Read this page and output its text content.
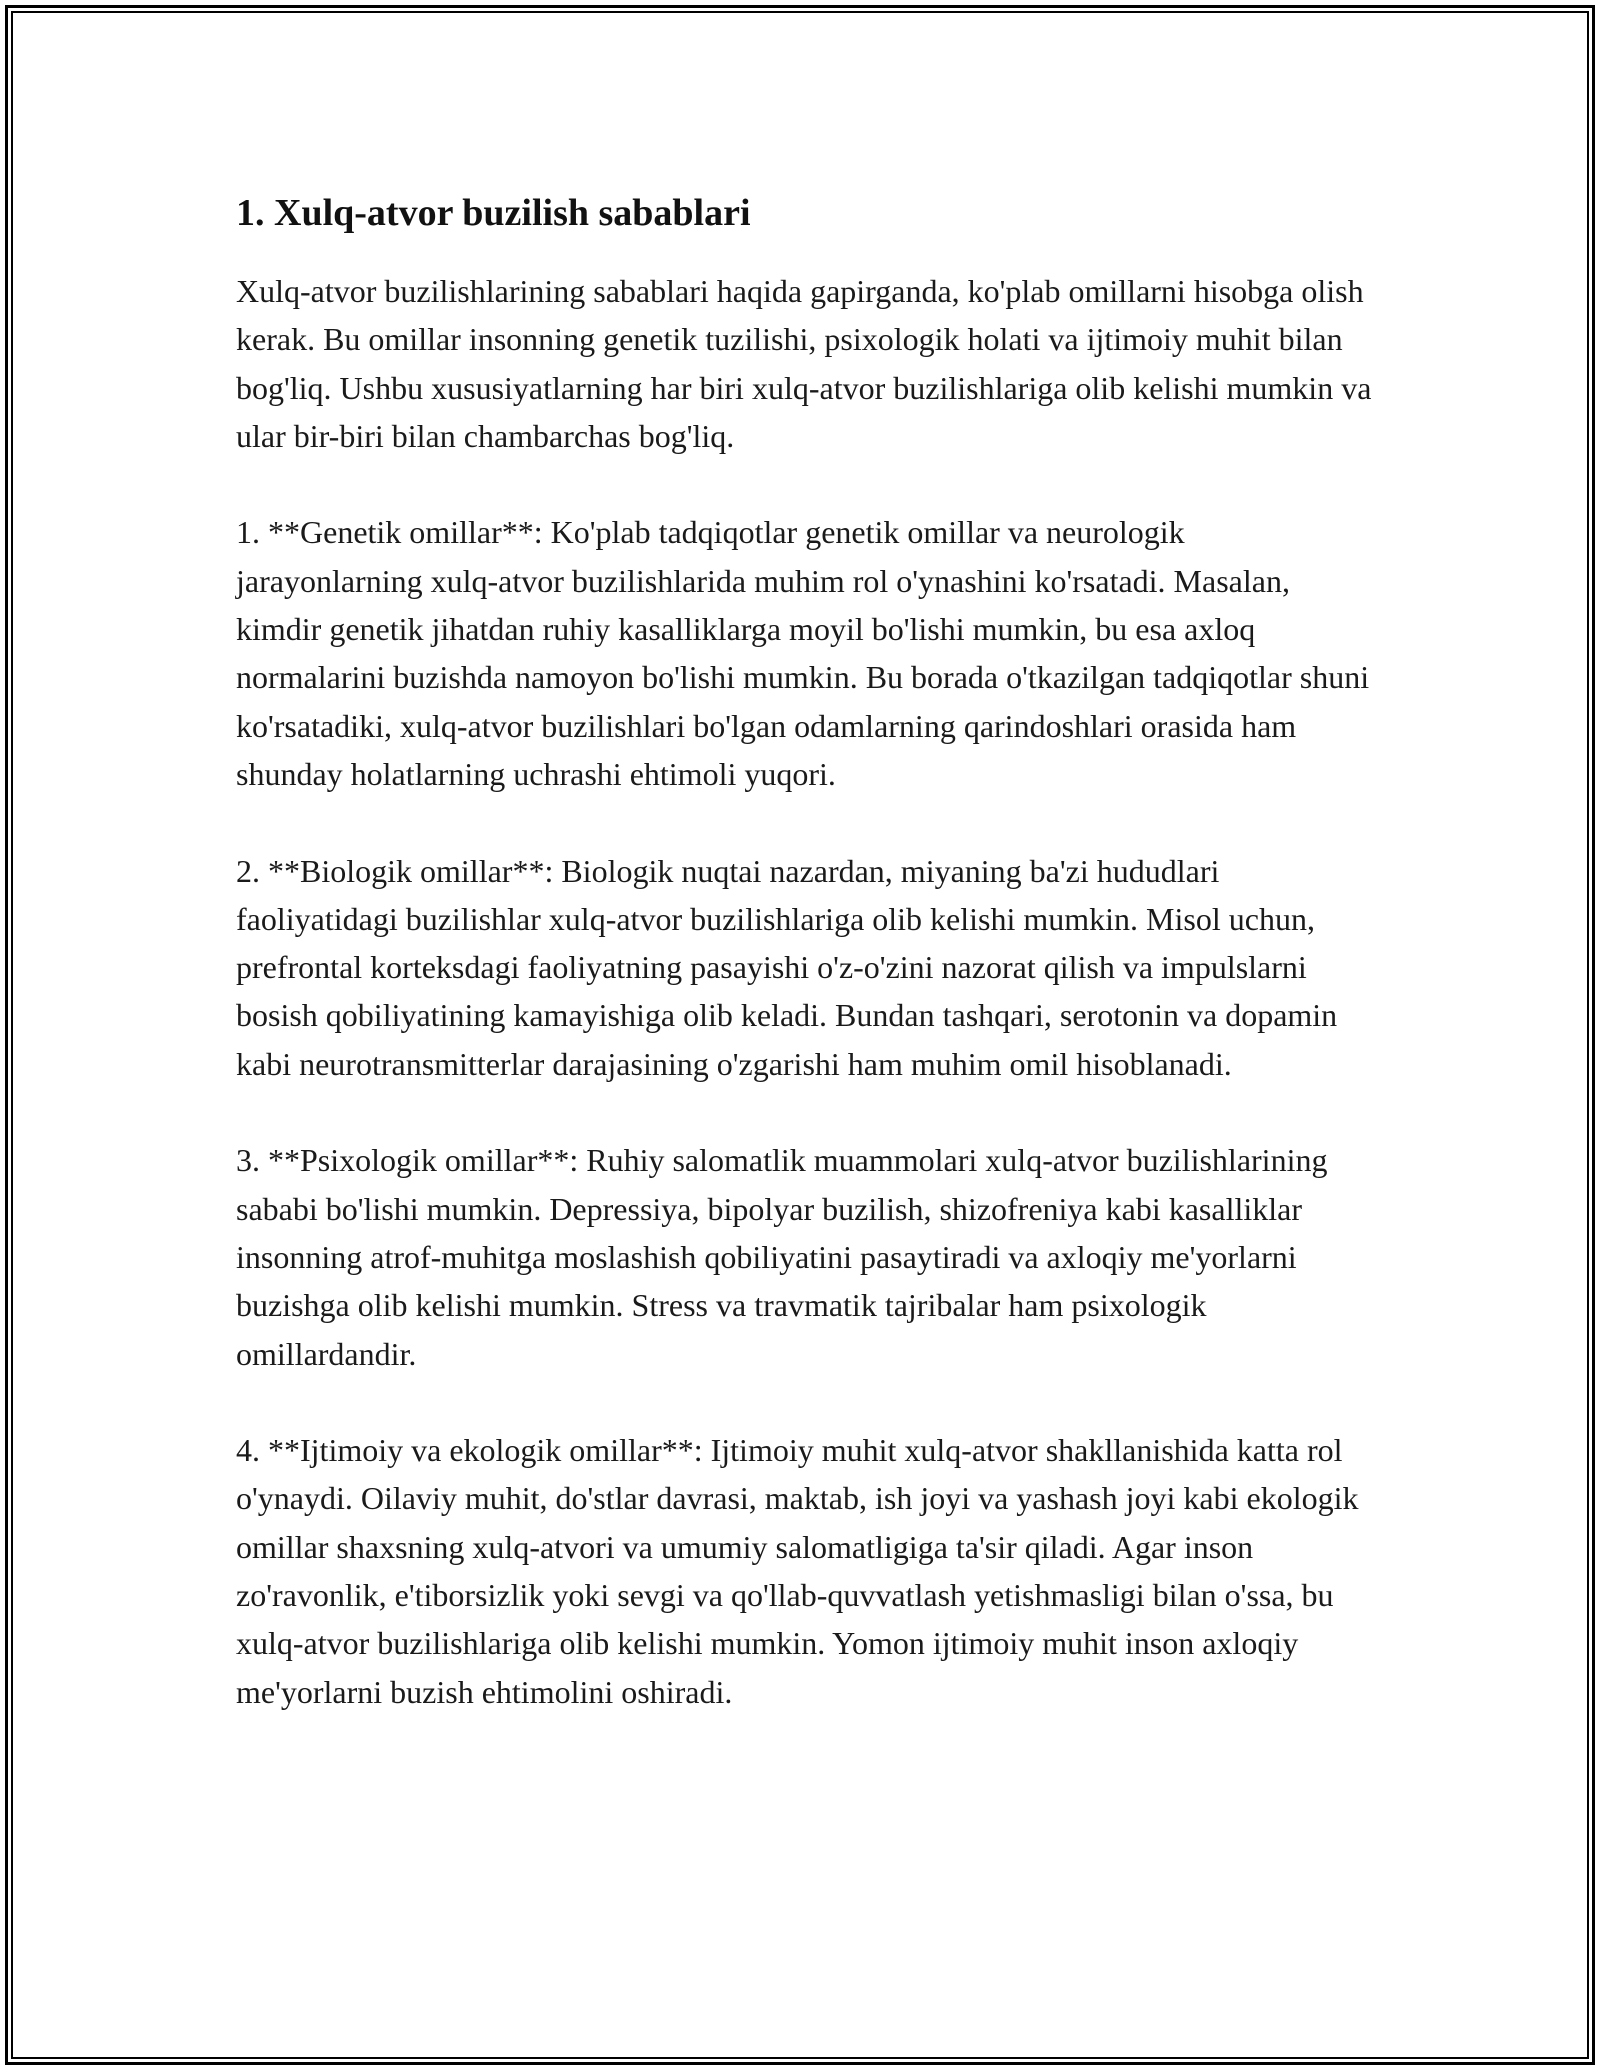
1. Xulq-atvor buzilish sabablari

Xulq-atvor buzilishlarining sabablari haqida gapirganda, ko'plab omillarni hisobga olish kerak. Bu omillar insonning genetik tuzilishi, psixologik holati va ijtimoiy muhit bilan bog'liq. Ushbu xususiyatlarning har biri xulq-atvor buzilishlariga olib kelishi mumkin va ular bir-biri bilan chambarchas bog'liq.

1. **Genetik omillar**: Ko'plab tadqiqotlar genetik omillar va neurologik jarayonlarning xulq-atvor buzilishlarida muhim rol o'ynashini ko'rsatadi. Masalan, kimdir genetik jihatdan ruhiy kasalliklarga moyil bo'lishi mumkin, bu esa axloq normalarini buzishda namoyon bo'lishi mumkin. Bu borada o'tkazilgan tadqiqotlar shuni ko'rsatadiki, xulq-atvor buzilishlari bo'lgan odamlarning qarindoshlari orasida ham shunday holatlarning uchrashi ehtimoli yuqori.

2. **Biologik omillar**: Biologik nuqtai nazardan, miyaning ba'zi hududlari faoliyatidagi buzilishlar xulq-atvor buzilishlariga olib kelishi mumkin. Misol uchun, prefrontal korteksdagi faoliyatning pasayishi o'z-o'zini nazorat qilish va impulslarni bosish qobiliyatining kamayishiga olib keladi. Bundan tashqari, serotonin va dopamin kabi neurotransmitterlar darajasining o'zgarishi ham muhim omil hisoblanadi.

3. **Psixologik omillar**: Ruhiy salomatlik muammolari xulq-atvor buzilishlarining sababi bo'lishi mumkin. Depressiya, bipolyar buzilish, shizofreniya kabi kasalliklar insonning atrof-muhitga moslashish qobiliyatini pasaytiradi va axloqiy me'yorlarni buzishga olib kelishi mumkin. Stress va travmatik tajribalar ham psixologik omillardandir.

4. **Ijtimoiy va ekologik omillar**: Ijtimoiy muhit xulq-atvor shakllanishida katta rol o'ynaydi. Oilaviy muhit, do'stlar davrasi, maktab, ish joyi va yashash joyi kabi ekologik omillar shaxsning xulq-atvori va umumiy salomatligiga ta'sir qiladi. Agar inson zo'ravonlik, e'tiborsizlik yoki sevgi va qo'llab-quvvatlash yetishmasligi bilan o'ssa, bu xulq-atvor buzilishlariga olib kelishi mumkin. Yomon ijtimoiy muhit inson axloqiy me'yorlarni buzish ehtimolini oshiradi.
